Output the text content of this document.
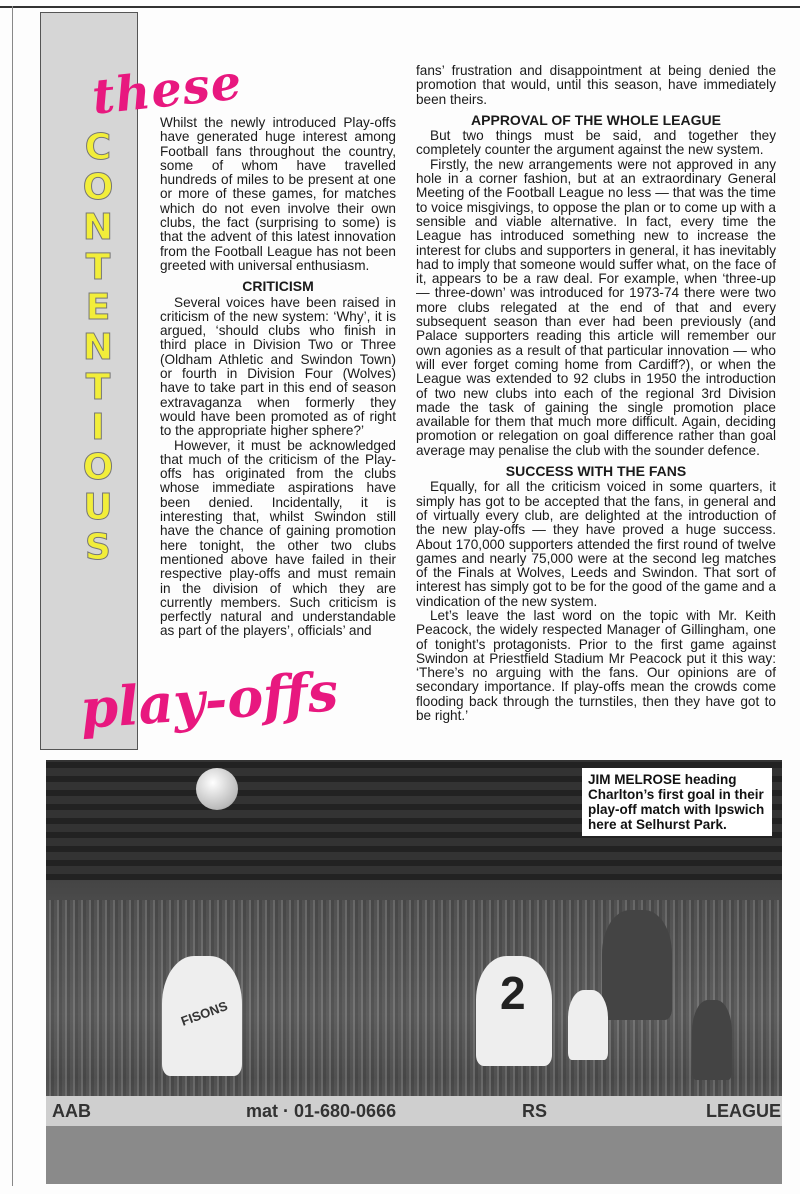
these
C
O
N
T
E
N
T
I
O
U
S
play-offs

Whilst the newly introduced Play-offs have generated huge interest among Football fans throughout the country, some of whom have travelled hundreds of miles to be present at one or more of these games, for matches which do not even involve their own clubs, the fact (surprising to some) is that the advent of this latest innovation from the Football League has not been greeted with universal enthusiasm.

CRITICISM

Several voices have been raised in criticism of the new system: ‘Why’, it is argued, ‘should clubs who finish in third place in Division Two or Three (Oldham Athletic and Swindon Town) or fourth in Division Four (Wolves) have to take part in this end of season extravaganza when formerly they would have been promoted as of right to the appropriate higher sphere?’

However, it must be acknowledged that much of the criticism of the Play-offs has originated from the clubs whose immediate aspirations have been denied. Incidentally, it is interesting that, whilst Swindon still have the chance of gaining promotion here tonight, the other two clubs mentioned above have failed in their respective play-offs and must remain in the division of which they are currently members. Such criticism is perfectly natural and understandable as part of the players’, officials’ and

fans’ frustration and disappointment at being denied the promotion that would, until this season, have immediately been theirs.

APPROVAL OF THE WHOLE LEAGUE

But two things must be said, and together they completely counter the argument against the new system.

Firstly, the new arrangements were not approved in any hole in a corner fashion, but at an extraordinary General Meeting of the Football League no less — that was the time to voice misgivings, to oppose the plan or to come up with a sensible and viable alternative. In fact, every time the League has introduced something new to increase the interest for clubs and supporters in general, it has inevitably had to imply that someone would suffer what, on the face of it, appears to be a raw deal. For example, when ‘three-up — three-down’ was introduced for 1973-74 there were two more clubs relegated at the end of that and every subsequent season than ever had been previously (and Palace supporters reading this article will remember our own agonies as a result of that particular innovation — who will ever forget coming home from Cardiff?), or when the League was extended to 92 clubs in 1950 the introduction of two new clubs into each of the regional 3rd Division made the task of gaining the single promotion place available for them that much more difficult. Again, deciding promotion or relegation on goal difference rather than goal average may penalise the club with the sounder defence.

SUCCESS WITH THE FANS

Equally, for all the criticism voiced in some quarters, it simply has got to be accepted that the fans, in general and of virtually every club, are delighted at the introduction of the new play-offs — they have proved a huge success. About 170,000 supporters attended the first round of twelve games and nearly 75,000 were at the second leg matches of the Finals at Wolves, Leeds and Swindon. That sort of interest has simply got to be for the good of the game and a vindication of the new system.

Let’s leave the last word on the topic with Mr. Keith Peacock, the widely respected Manager of Gillingham, one of tonight’s protagonists. Prior to the first game against Swindon at Priestfield Stadium Mr Peacock put it this way: ‘There’s no arguing with the fans. Our opinions are of secondary importance. If play-offs mean the crowds come flooding back through the turnstiles, then they have got to be right.’

AAB	mat · 01-680-0666	RS	LEAGUE
FISONS	2
JIM MELROSE heading Charlton’s first goal in their play-off match with Ipswich here at Selhurst Park.
